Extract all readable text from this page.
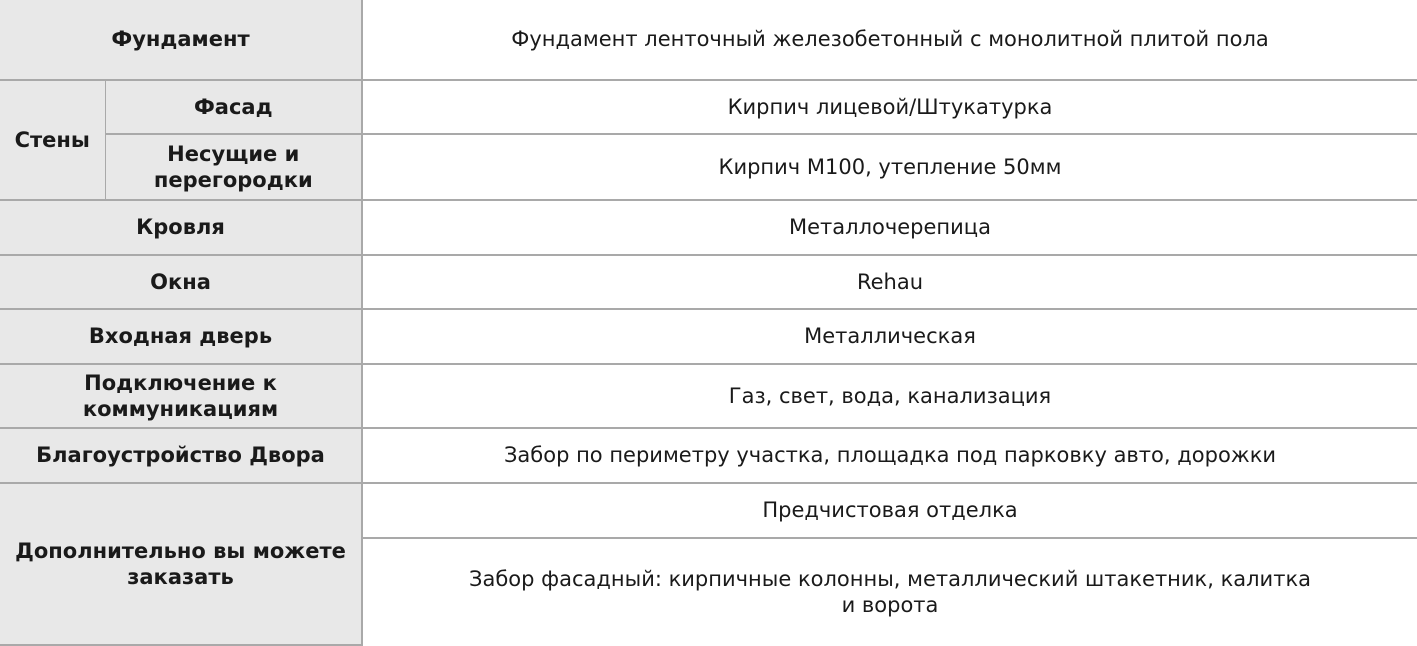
Фундамент		Фундамент ленточный железобетонный с монолитной плитой пола
Стены	Фасад	Кирпич лицевой/Штукатурка
	Несущие и перегородки	Кирпич М100, утепление 50мм
Кровля		Металлочерепица
Окна		Rehau
Входная дверь		Металлическая
Подключение к коммуникациям		Газ, свет, вода, канализация
Благоустройство Двора		Забор по периметру участка, площадка под парковку авто, дорожки
Дополнительно вы можете заказать		Предчистовая отделка
		Забор фасадный: кирпичные колонны, металлический штакетник, калитка и ворота
